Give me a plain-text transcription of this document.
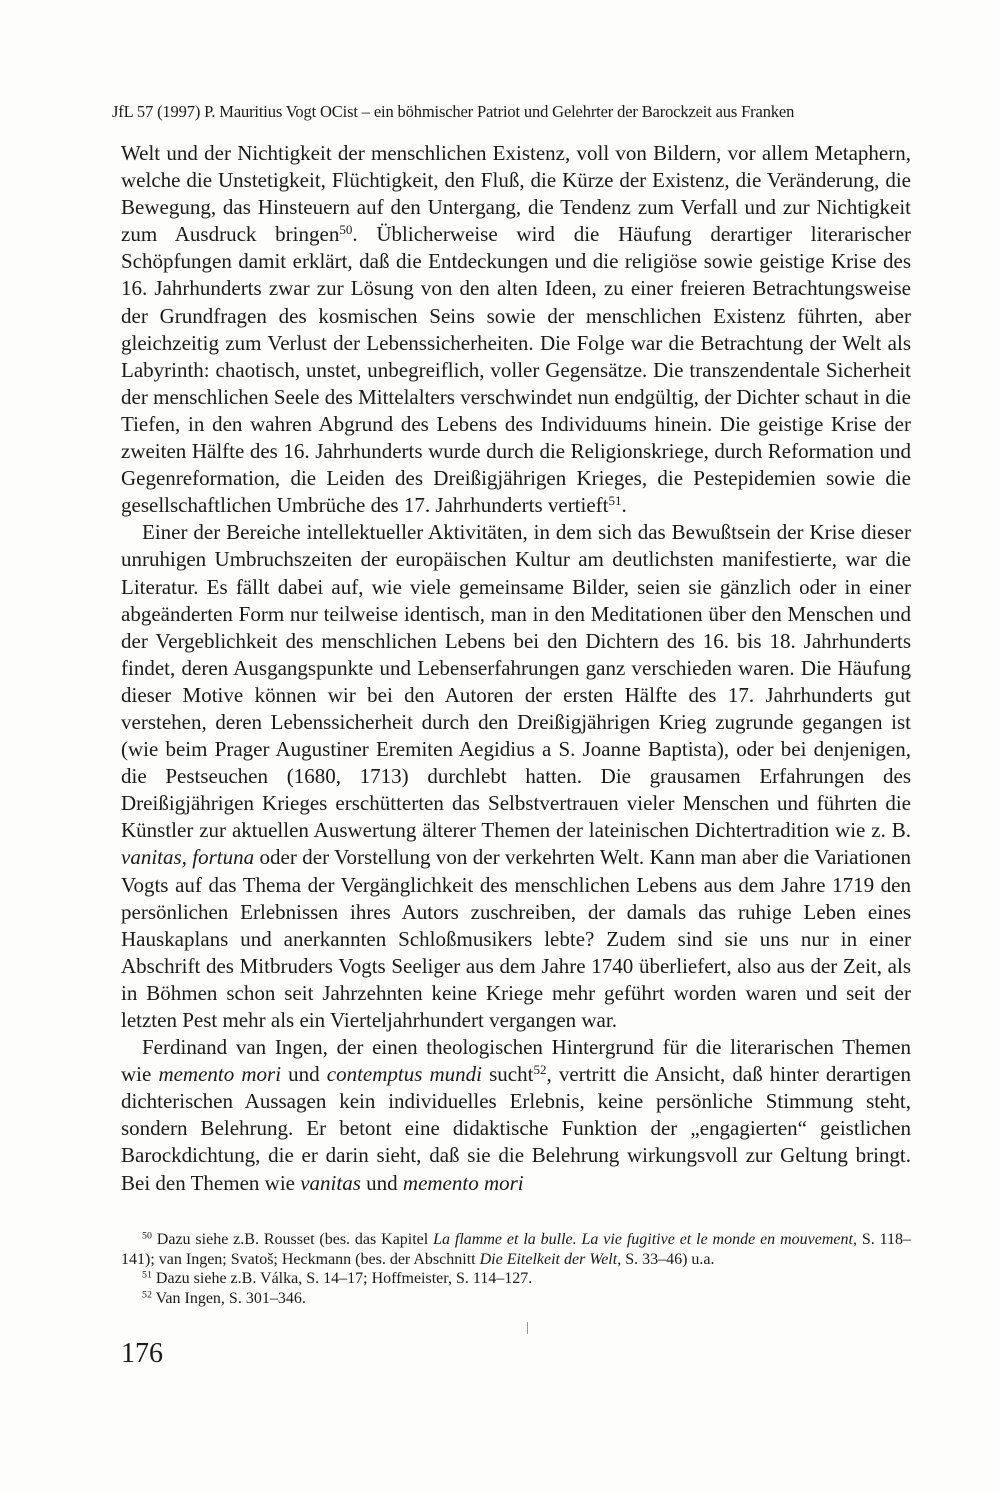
JfL 57 (1997) P. Mauritius Vogt OCist – ein böhmischer Patriot und Gelehrter der Barockzeit aus Franken

Welt und der Nichtigkeit der menschlichen Existenz, voll von Bildern, vor allem Metaphern, welche die Unstetigkeit, Flüchtigkeit, den Fluß, die Kürze der Existenz, die Veränderung, die Bewegung, das Hinsteuern auf den Untergang, die Tendenz zum Verfall und zur Nichtigkeit zum Ausdruck bringen$^{50}$. Üblicherweise wird die Häufung derartiger literarischer Schöpfungen damit erklärt, daß die Entdeckungen und die religiöse sowie geistige Krise des 16. Jahrhunderts zwar zur Lösung von den alten Ideen, zu einer freieren Betrachtungsweise der Grundfragen des kosmischen Seins sowie der menschlichen Existenz führten, aber gleichzeitig zum Verlust der Lebenssicherheiten. Die Folge war die Betrachtung der Welt als Labyrinth: chaotisch, unstet, unbegreiflich, voller Gegensätze. Die transzendentale Sicherheit der menschlichen Seele des Mittelalters verschwindet nun endgültig, der Dichter schaut in die Tiefen, in den wahren Abgrund des Lebens des Individuums hinein. Die geistige Krise der zweiten Hälfte des 16. Jahrhunderts wurde durch die Religionskriege, durch Reformation und Gegenreformation, die Leiden des Dreißigjährigen Krieges, die Pestepidemien sowie die gesellschaftlichen Umbrüche des 17. Jahrhunderts vertieft$^{51}$.

Einer der Bereiche intellektueller Aktivitäten, in dem sich das Bewußtsein der Krise dieser unruhigen Umbruchszeiten der europäischen Kultur am deutlichsten manifestierte, war die Literatur. Es fällt dabei auf, wie viele gemeinsame Bilder, seien sie gänzlich oder in einer abgeänderten Form nur teilweise identisch, man in den Meditationen über den Menschen und der Vergeblichkeit des menschlichen Lebens bei den Dichtern des 16. bis 18. Jahrhunderts findet, deren Ausgangspunkte und Lebenserfahrungen ganz verschieden waren. Die Häufung dieser Motive können wir bei den Autoren der ersten Hälfte des 17. Jahrhunderts gut verstehen, deren Lebenssicherheit durch den Dreißigjährigen Krieg zugrunde gegangen ist (wie beim Prager Augustiner Eremiten Aegidius a S. Joanne Baptista), oder bei denjenigen, die Pestseuchen (1680, 1713) durchlebt hatten. Die grausamen Erfahrungen des Dreißigjährigen Krieges erschütterten das Selbstvertrauen vieler Menschen und führten die Künstler zur aktuellen Auswertung älterer Themen der lateinischen Dichtertradition wie z. B. vanitas, fortuna oder der Vorstellung von der verkehrten Welt. Kann man aber die Variationen Vogts auf das Thema der Vergänglichkeit des menschlichen Lebens aus dem Jahre 1719 den persönlichen Erlebnissen ihres Autors zuschreiben, der damals das ruhige Leben eines Hauskaplans und anerkannten Schloßmusikers lebte? Zudem sind sie uns nur in einer Abschrift des Mitbruders Vogts Seeliger aus dem Jahre 1740 überliefert, also aus der Zeit, als in Böhmen schon seit Jahrzehnten keine Kriege mehr geführt worden waren und seit der letzten Pest mehr als ein Vierteljahrhundert vergangen war.

Ferdinand van Ingen, der einen theologischen Hintergrund für die literarischen Themen wie memento mori und contemptus mundi sucht$^{52}$, vertritt die Ansicht, daß hinter derartigen dichterischen Aussagen kein individuelles Erlebnis, keine persönliche Stimmung steht, sondern Belehrung. Er betont eine didaktische Funktion der „engagierten“ geistlichen Barockdichtung, die er darin sieht, daß sie die Belehrung wirkungsvoll zur Geltung bringt. Bei den Themen wie vanitas und memento mori

$^{50}$ Dazu siehe z.B. Rousset (bes. das Kapitel La flamme et la bulle. La vie fugitive et le monde en mouvement, S. 118–141); van Ingen; Svatoš; Heckmann (bes. der Abschnitt Die Eitelkeit der Welt, S. 33–46) u.a.

$^{51}$ Dazu siehe z.B. Válka, S. 14–17; Hoffmeister, S. 114–127.

$^{52}$ Van Ingen, S. 301–346.

176
